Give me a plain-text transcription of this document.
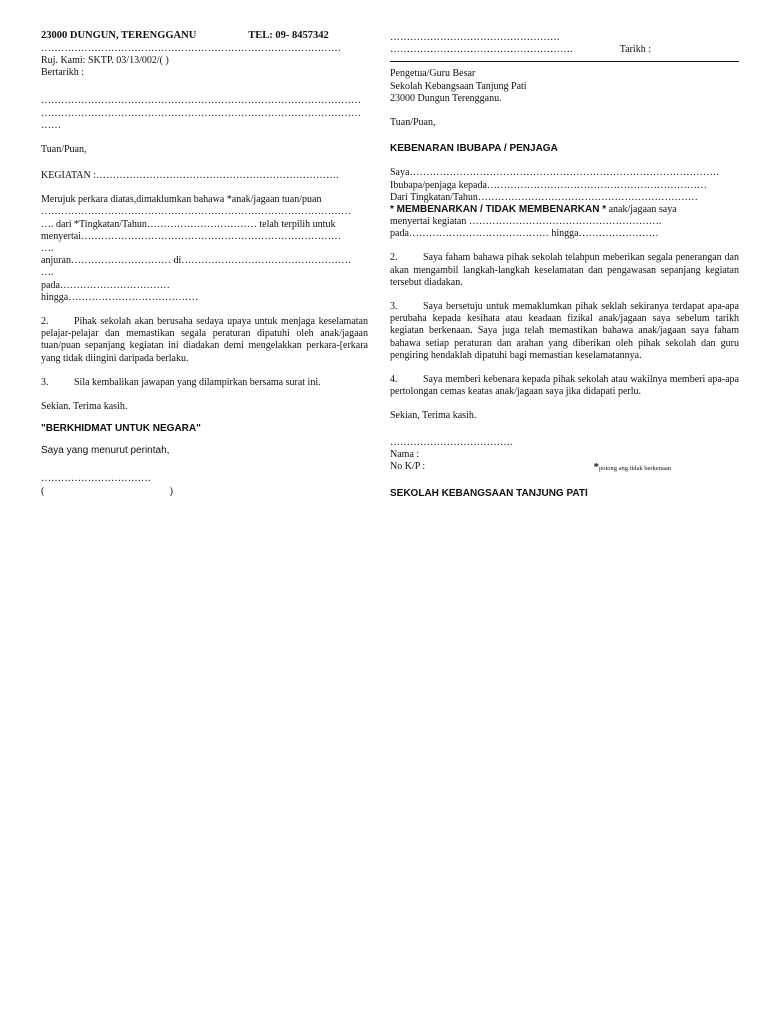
23000 DUNGUN, TERENGGANU	TEL: 09- 8457342
………………………………………………………………………………
Ruj. Kami: SKTP. 03/13/002/( )
Bertarikh :
……………………………………………………………………………………
……………………………………………………………………………………
……

Tuan/Puan,

KEGIATAN :……………………………………………………………….

Merujuk perkara diatas,dimaklumkan bahawa *anak/jagaan tuan/puan

…………………………………………………………………………………
…. dari *Tingkatan/Tahun…………………………… telah terpilih untuk
menyertai……………………………………………………………………
….
anjuran………………………… di……………………………………………
….
pada……………………………
hingga…………………………………

2.	Pihak sekolah akan berusaha sedaya upaya untuk menjaga keselamatan pelajar-pelajar dan memastikan segala peraturan dipatuhi oleh anak/jagaan tuan/puan sepanjang kegiatan ini diadakan demi mengelakkan perkara-[erkara yang tidak diingini daripada berlaku.

3.	Sila kembalikan jawapan yang dilampirkan bersama surat ini.

Sekian. Terima kasih.

"BERKHIDMAT UNTUK NEGARA"

Saya yang menurut perintah,

……………………………
(	)
……………………………………………
……………………………………………….	Tarikh :

Pengetua/Guru Besar

Sekolah Kebangsaan Tanjung Pati

23000 Dungun Terengganu.

Tuan/Puan,

KEBENARAN IBUBAPA / PENJAGA

Saya…………………………………………………………………………………
Ibubapa/penjaga kepada…………………………………………………………
Dari Tingkatan/Tahun…………………………………………………………

* MEMBENARKAN / TIDAK MEMBENARKAN * anak/jagaan saya

menyertai kegiatan ………………………………………………….
pada…………………………………… hingga……………………

2.	Saya faham bahawa pihak sekolah telahpun meberikan segala penerangan dan akan mengambil langkah-langkah keselamatan dan pengawasan sepanjang kegiatan tersebut diadakan.

3.	Saya bersetuju untuk memaklumkan pihak seklah sekiranya terdapat apa-apa perubaha kepada kesihata atau keadaan fizikal anak/jagaan saya sebelum tarikh kegiatan berkenaan. Saya juga telah memastikan bahawa anak/jagaan saya faham bahawa setiap peraturan dan arahan yang diberikan oleh pihak sekolah dan guru pengiring hendaklah dipatuhi bagi memastian keselamatannya.

4.	Saya memberi kebenara kepada pihak sekolah atau wakilnya memberi apa-apa pertolongan cemas keatas anak/jagaan saya jika didapati perlu.

Sekian, Terima kasih.

……………………………….

Nama :

No K/P :	*potong ang tidak berkenaan

SEKOLAH KEBANGSAAN TANJUNG PATI
